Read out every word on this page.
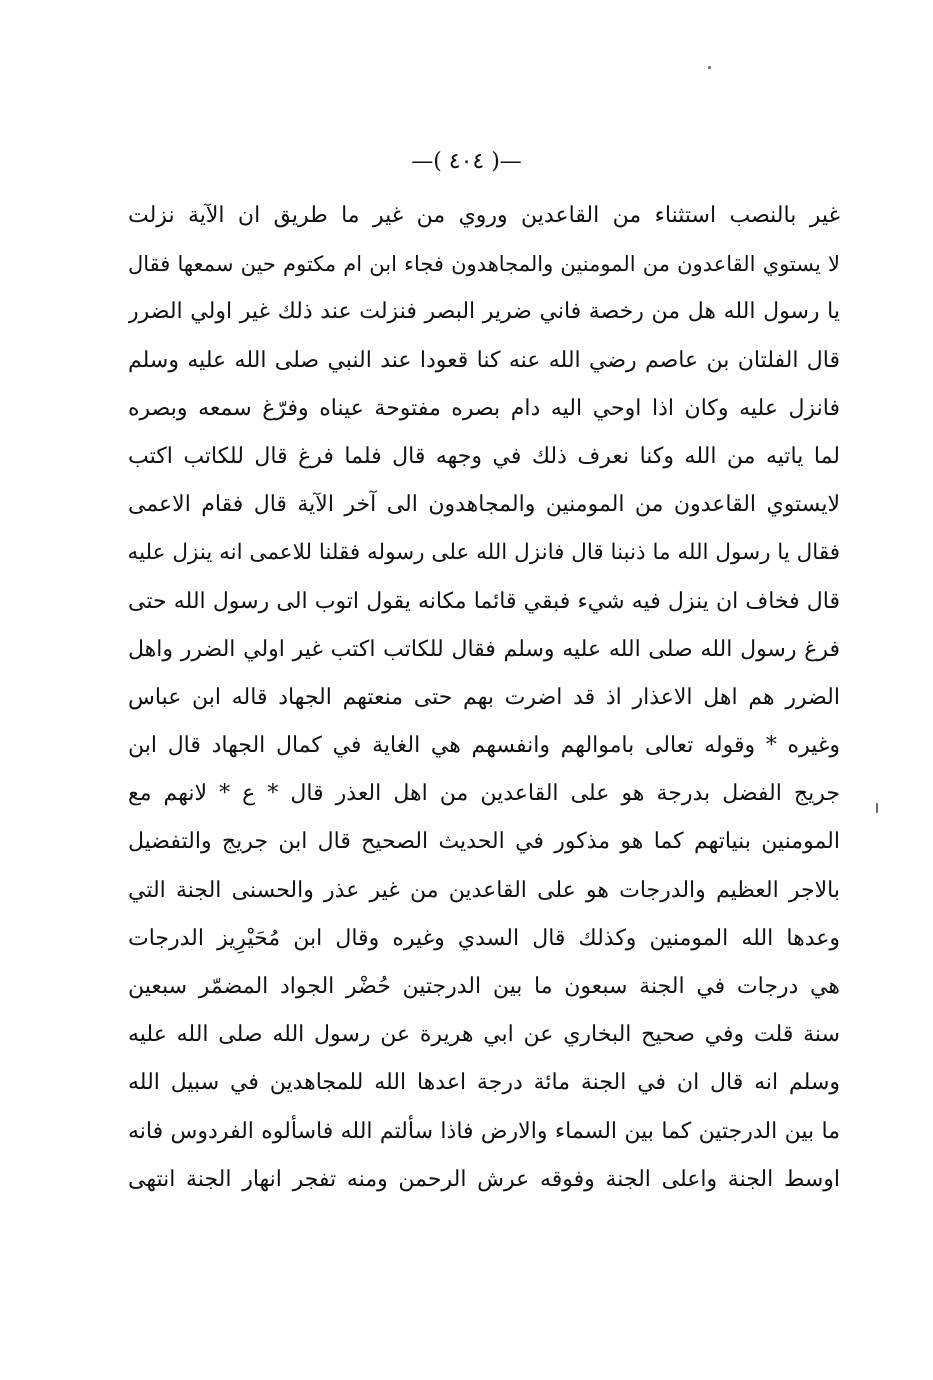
—( ٤٠٤ )—
غير بالنصب استثناء من القاعدين وروي من غير ما طريق ان الآية نزلت
لا يستوي القاعدون من المومنين والمجاهدون فجاء ابن ام مكتوم حين سمعها فقال
يا رسول الله هل من رخصة فاني ضرير البصر فنزلت عند ذلك غير اولي الضرر
قال الفلتان بن عاصم رضي الله عنه كنا قعودا عند النبي صلى الله عليه وسلم
فانزل عليه وكان اذا اوحي اليه دام بصره مفتوحة عيناه وفرّغ سمعه وبصره
لما ياتيه من الله وكنا نعرف ذلك في وجهه قال فلما فرغ قال للكاتب اكتب
لايستوي القاعدون من المومنين والمجاهدون الى آخر الآية قال فقام الاعمى
فقال يا رسول الله ما ذنبنا قال فانزل الله على رسوله فقلنا للاعمى انه ينزل عليه
قال فخاف ان ينزل فيه شيء فبقي قائما مكانه يقول اتوب الى رسول الله حتى
فرغ رسول الله صلى الله عليه وسلم فقال للكاتب اكتب غير اولي الضرر واهل
الضرر هم اهل الاعذار اذ قد اضرت بهم حتى منعتهم الجهاد قاله ابن عباس
وغيره * وقوله تعالى باموالهم وانفسهم هي الغاية في كمال الجهاد قال ابن
جريج الفضل بدرجة هو على القاعدين من اهل العذر قال * ع * لانهم مع
المومنين بنياتهم كما هو مذكور في الحديث الصحيح قال ابن جريج والتفضيل
بالاجر العظيم والدرجات هو على القاعدين من غير عذر والحسنى الجنة التي
وعدها الله المومنين وكذلك قال السدي وغيره وقال ابن مُحَيْرِيز الدرجات
هي درجات في الجنة سبعون ما بين الدرجتين حُضْر الجواد المضمّر سبعين
سنة قلت وفي صحيح البخاري عن ابي هريرة عن رسول الله صلى الله عليه
وسلم انه قال ان في الجنة مائة درجة اعدها الله للمجاهدين في سبيل الله
ما بين الدرجتين كما بين السماء والارض فاذا سألتم الله فاسألوه الفردوس فانه
اوسط الجنة واعلى الجنة وفوقه عرش الرحمن ومنه تفجر انهار الجنة انتهى
